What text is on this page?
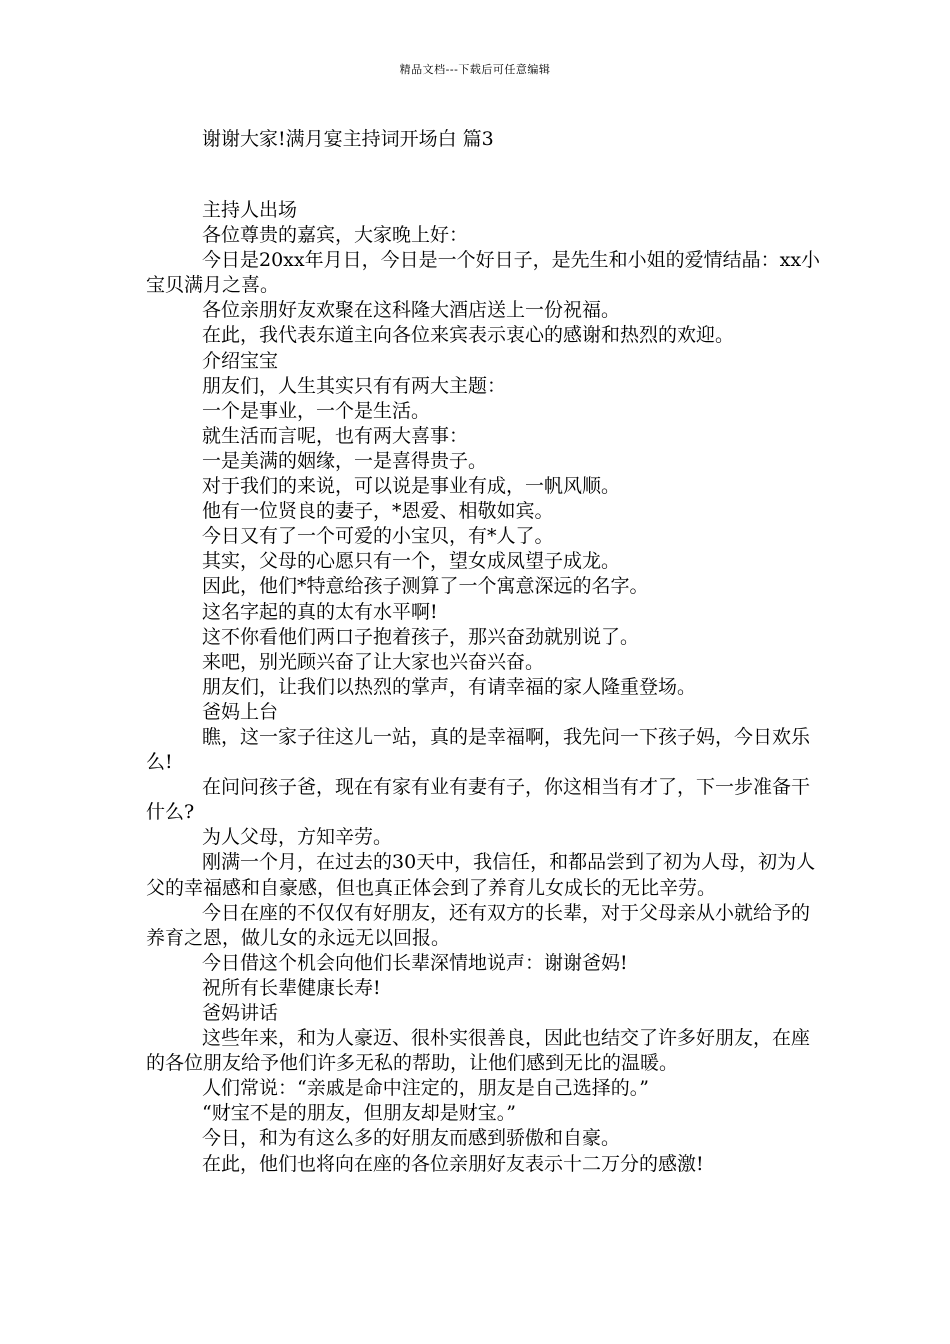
精品文档---下载后可任意编辑
谢谢大家!满月宴主持词开场白 篇3

主持人出场

各位尊贵的嘉宾，大家晚上好：

今日是20xx年月日，今日是一个好日子，是先生和小姐的爱情结晶：xx小宝贝满月之喜。

各位亲朋好友欢聚在这科隆大酒店送上一份祝福。

在此，我代表东道主向各位来宾表示衷心的感谢和热烈的欢迎。

介绍宝宝

朋友们，人生其实只有有两大主题：

一个是事业，一个是生活。

就生活而言呢，也有两大喜事：

一是美满的姻缘，一是喜得贵子。

对于我们的来说，可以说是事业有成，一帆风顺。

他有一位贤良的妻子，*恩爱、相敬如宾。

今日又有了一个可爱的小宝贝，有*人了。

其实，父母的心愿只有一个，望女成凤望子成龙。

因此，他们*特意给孩子测算了一个寓意深远的名字。

这名字起的真的太有水平啊!

这不你看他们两口子抱着孩子，那兴奋劲就别说了。

来吧，别光顾兴奋了让大家也兴奋兴奋。

朋友们，让我们以热烈的掌声，有请幸福的家人隆重登场。

爸妈上台

瞧，这一家子往这儿一站，真的是幸福啊，我先问一下孩子妈，今日欢乐么!

在问问孩子爸，现在有家有业有妻有子，你这相当有才了，下一步准备干什么?

为人父母，方知辛劳。

刚满一个月，在过去的30天中，我信任，和都品尝到了初为人母，初为人父的幸福感和自豪感，但也真正体会到了养育儿女成长的无比辛劳。

今日在座的不仅仅有好朋友，还有双方的长辈，对于父母亲从小就给予的养育之恩，做儿女的永远无以回报。

今日借这个机会向他们长辈深情地说声：谢谢爸妈!

祝所有长辈健康长寿!

爸妈讲话

这些年来，和为人豪迈、很朴实很善良，因此也结交了许多好朋友，在座的各位朋友给予他们许多无私的帮助，让他们感到无比的温暖。

人们常说：“亲戚是命中注定的，朋友是自己选择的。”

“财宝不是的朋友，但朋友却是财宝。”

今日，和为有这么多的好朋友而感到骄傲和自豪。

在此，他们也将向在座的各位亲朋好友表示十二万分的感激!
